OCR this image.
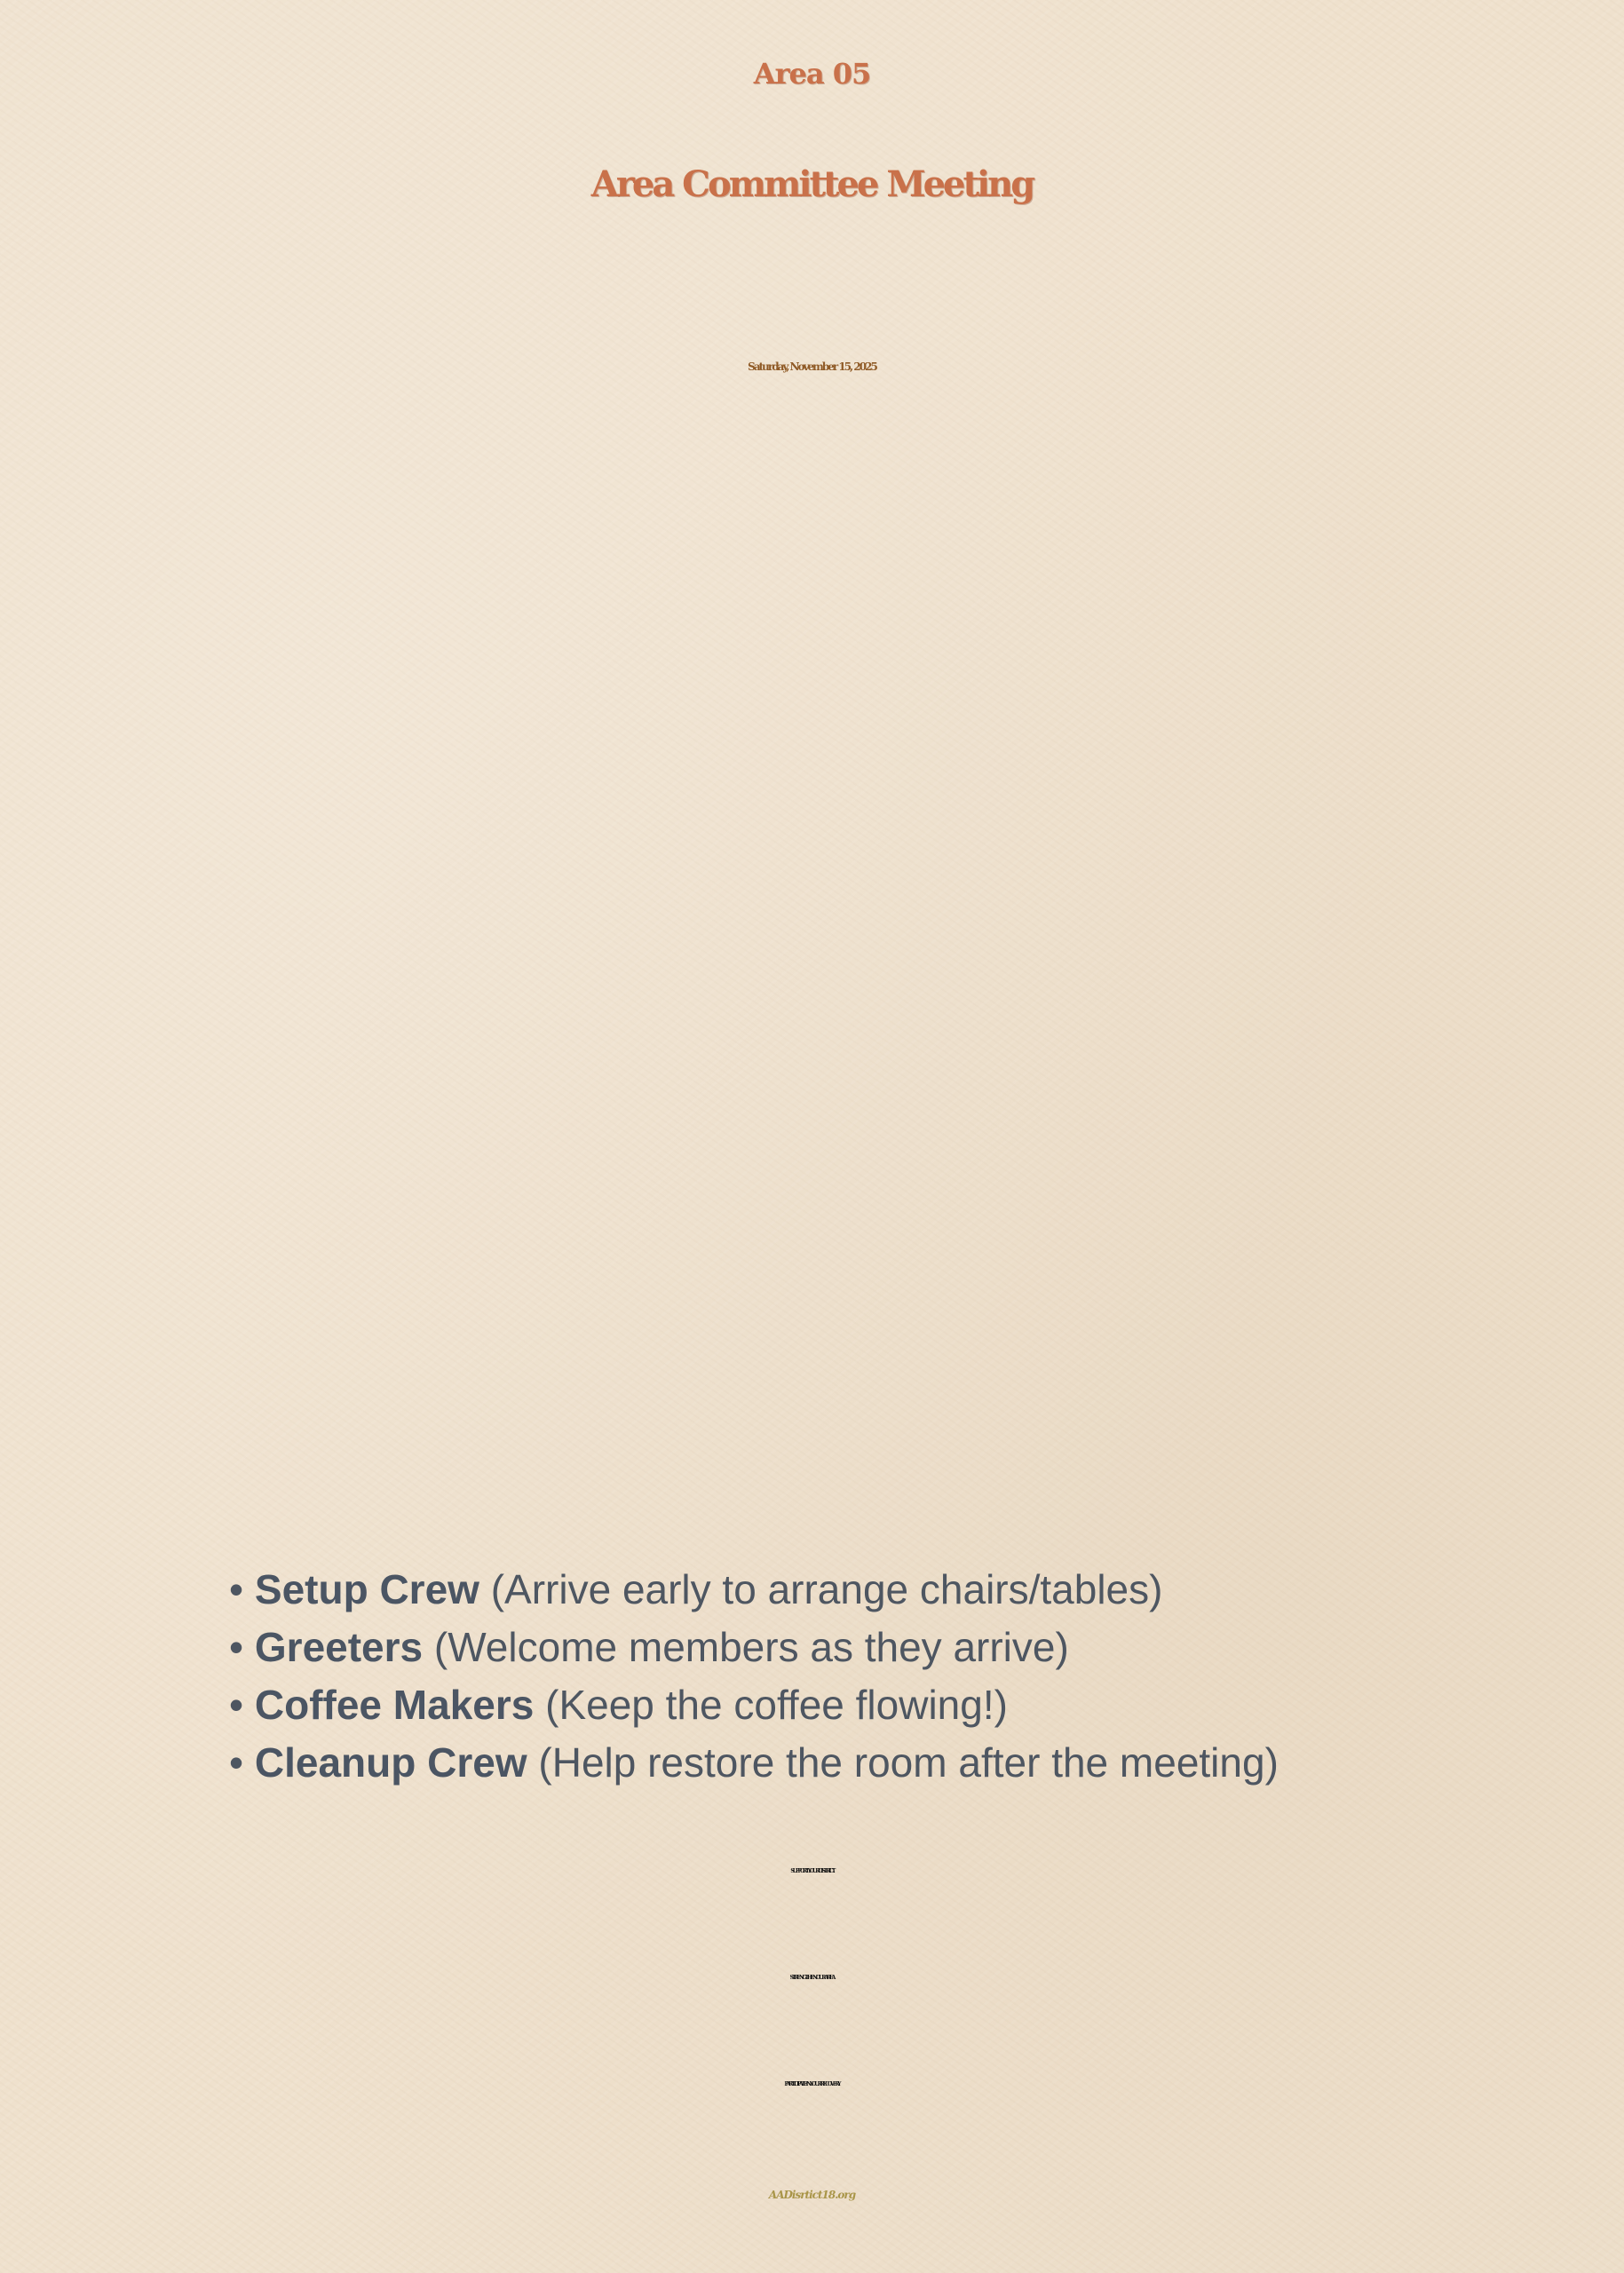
Area 05
Area Committee Meeting

Saturday, November 15, 2025

• Setup Crew (Arrive early to arrange chairs/tables)
• Greeters (Welcome members as they arrive)
• Coffee Makers (Keep the coffee flowing!)
• Cleanup Crew (Help restore the room after the meeting)

SUPPORT YOUR DISTRICT.

STRENGTHEN OUR AREA.

PARTICIPATE IN YOUR RECOVERY

AADisrtict18.org
